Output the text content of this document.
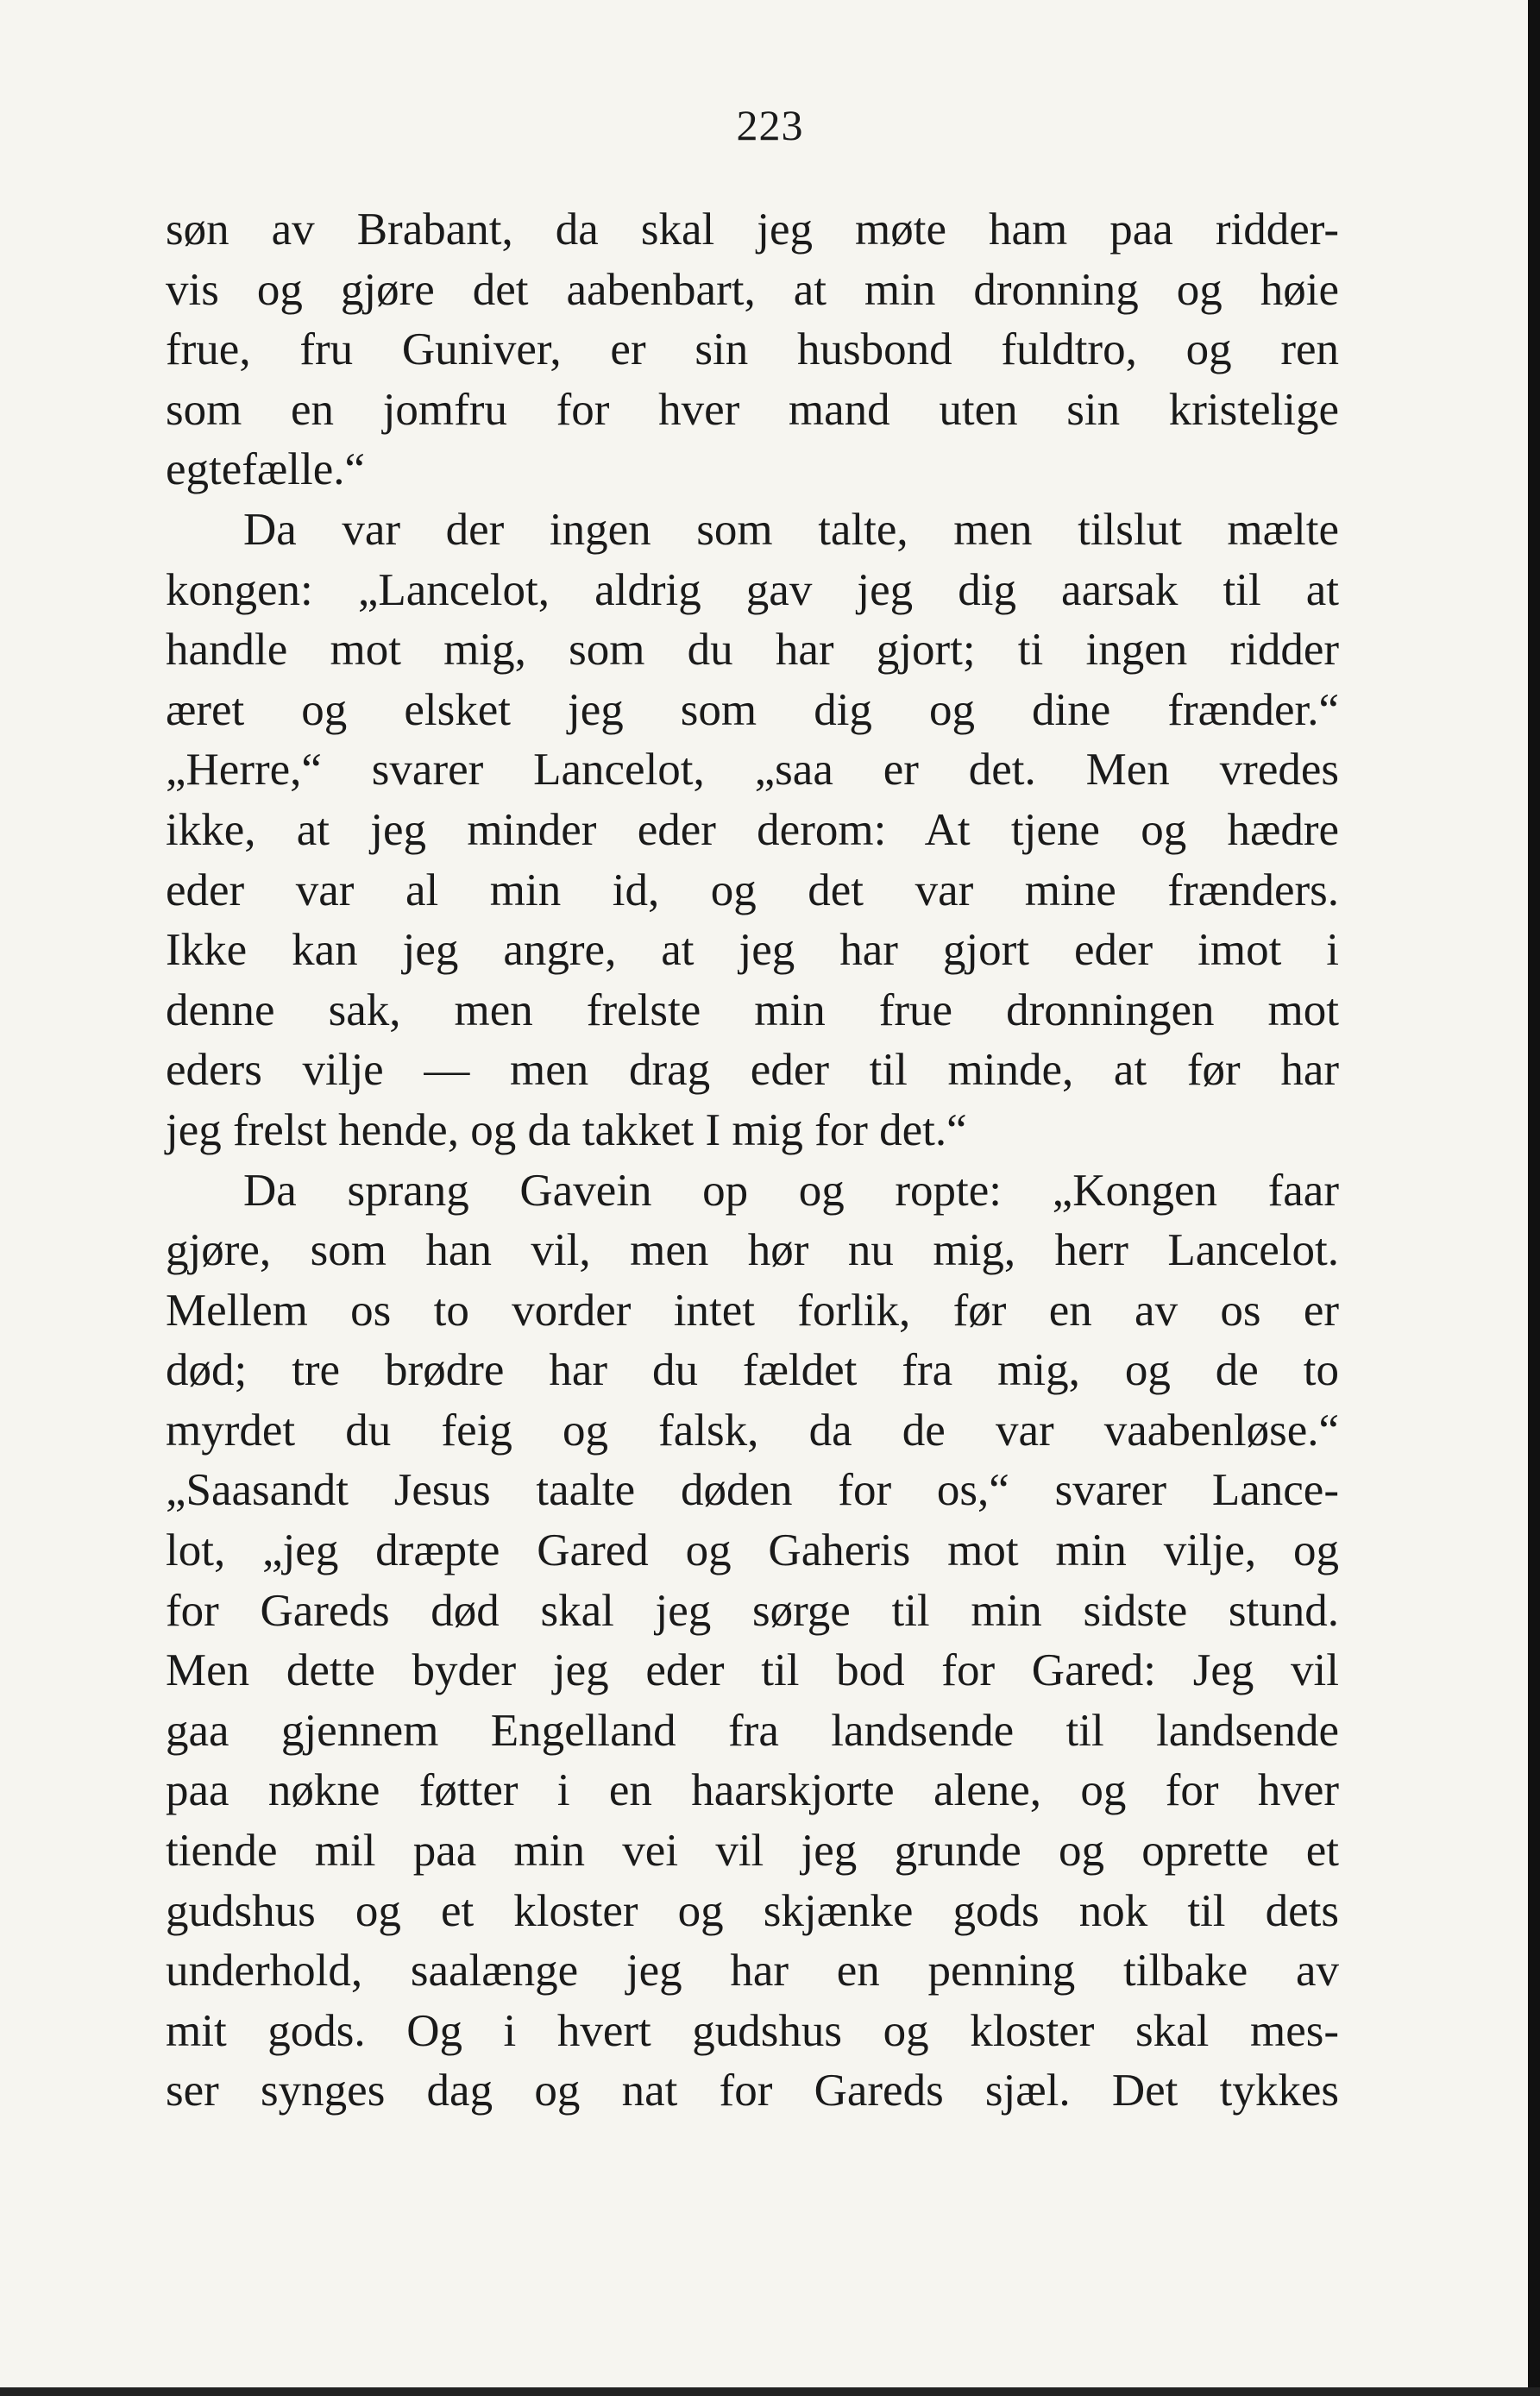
223
søn av Brabant, da skal jeg møte ham paa ridder-
vis og gjøre det aabenbart, at min dronning og høie
frue, fru Guniver, er sin husbond fuldtro, og ren
som en jomfru for hver mand uten sin kristelige
egtefælle.“
Da var der ingen som talte, men tilslut mælte
kongen: „Lancelot, aldrig gav jeg dig aarsak til at
handle mot mig, som du har gjort; ti ingen ridder
æret og elsket jeg som dig og dine frænder.“
„Herre,“ svarer Lancelot, „saa er det. Men vredes
ikke, at jeg minder eder derom: At tjene og hædre
eder var al min id, og det var mine frænders.
Ikke kan jeg angre, at jeg har gjort eder imot i
denne sak, men frelste min frue dronningen mot
eders vilje — men drag eder til minde, at før har
jeg frelst hende, og da takket I mig for det.“
Da sprang Gavein op og ropte: „Kongen faar
gjøre, som han vil, men hør nu mig, herr Lancelot.
Mellem os to vorder intet forlik, før en av os er
død; tre brødre har du fældet fra mig, og de to
myrdet du feig og falsk, da de var vaabenløse.“
„Saasandt Jesus taalte døden for os,“ svarer Lance-
lot, „jeg dræpte Gared og Gaheris mot min vilje, og
for Gareds død skal jeg sørge til min sidste stund.
Men dette byder jeg eder til bod for Gared: Jeg vil
gaa gjennem Engelland fra landsende til landsende
paa nøkne føtter i en haarskjorte alene, og for hver
tiende mil paa min vei vil jeg grunde og oprette et
gudshus og et kloster og skjænke gods nok til dets
underhold, saalænge jeg har en penning tilbake av
mit gods. Og i hvert gudshus og kloster skal mes-
ser synges dag og nat for Gareds sjæl. Det tykkes
